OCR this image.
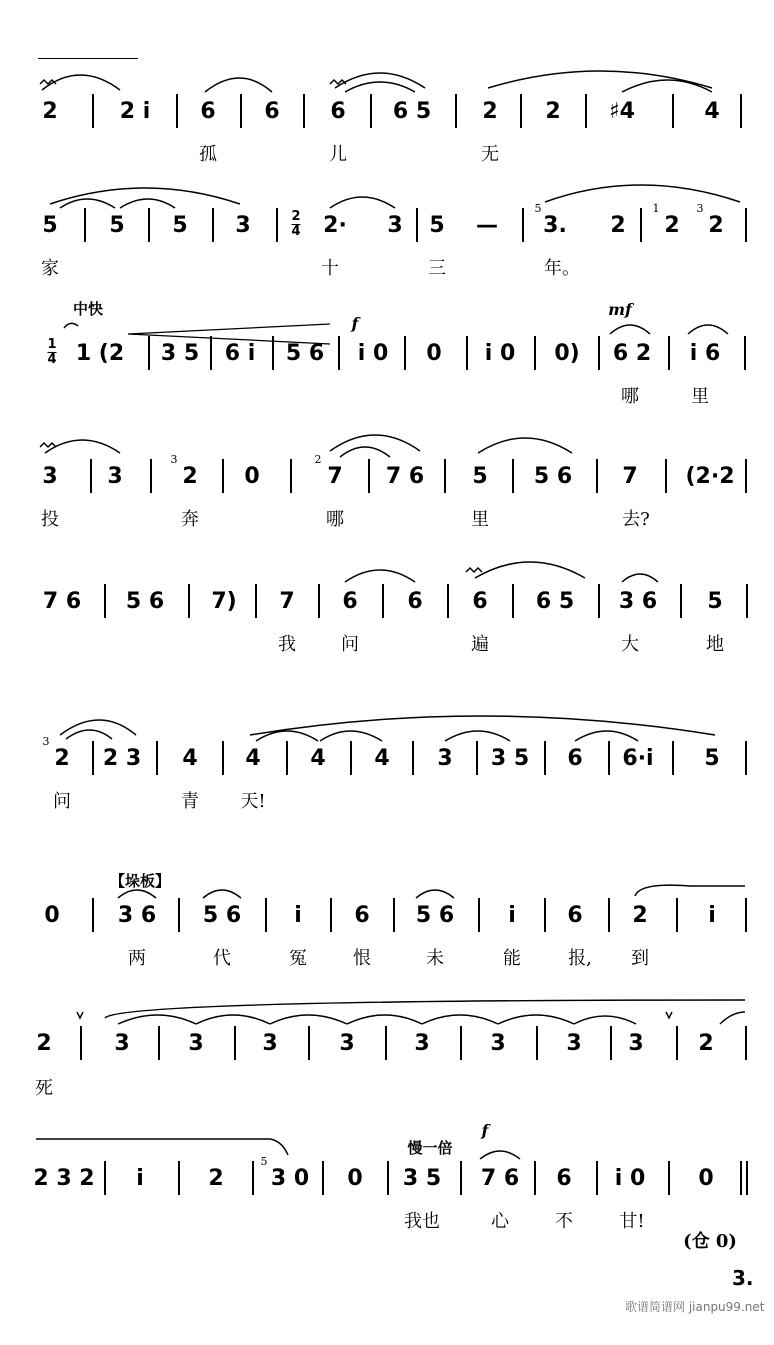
2	2 i 6 6 6 6 5 2 2 ♯4	4
孤	儿	无
5 5 5 3	2
4 2· 3 5 — 3. 2 2 2
5	1	3
家	十	三	年。
中快
f
mf
1
4 1 (2 3 5 6 i 5 6 i 0 0 i 0 0) 6 2 i 6
哪	里
3 3	2 0	7 7 6 5 5 6 7 (2·2
3	2
投	奔	哪	里	去?
7 6 5 6 7) 7 6 6 6 6 5 3 6 5
我	问	遍	大	地
2 2 3 4 4 4 4 3 3 5 6 6·i 5
3
问	青 天!
【垛板】
0	3 6 5 6 i 6 5 6 i 6 2	i
两	代	冤	恨	未	能	报, 到
2	3	3	3	3	3	3	3 3 2
死
慢一倍
f
2 3 2 i	2 3 0 0 3 5 7 6 6 i 0 0
5
我也	心	不	甘!
(仓 0)
3.
歌谱简谱网 jianpu99.net
